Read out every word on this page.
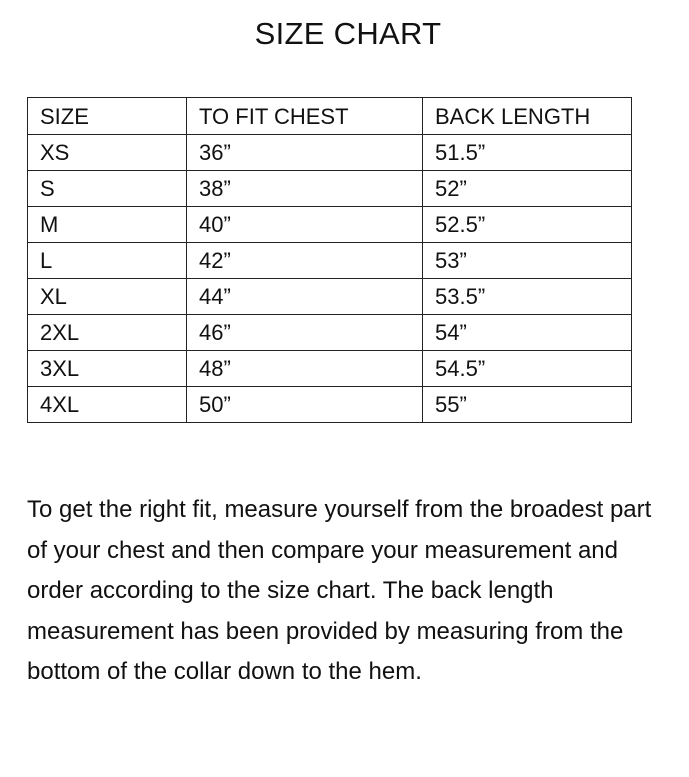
SIZE CHART
SIZE	TO FIT CHEST	BACK LENGTH
XS	36”	51.5”
S	38”	52”
M	40”	52.5”
L	42”	53”
XL	44”	53.5”
2XL	46”	54”
3XL	48”	54.5”
4XL	50”	55”

To get the right fit, measure yourself from the broadest part of your chest and then compare your measurement and order according to the size chart. The back length measurement has been provided by measuring from the bottom of the collar down to the hem.
